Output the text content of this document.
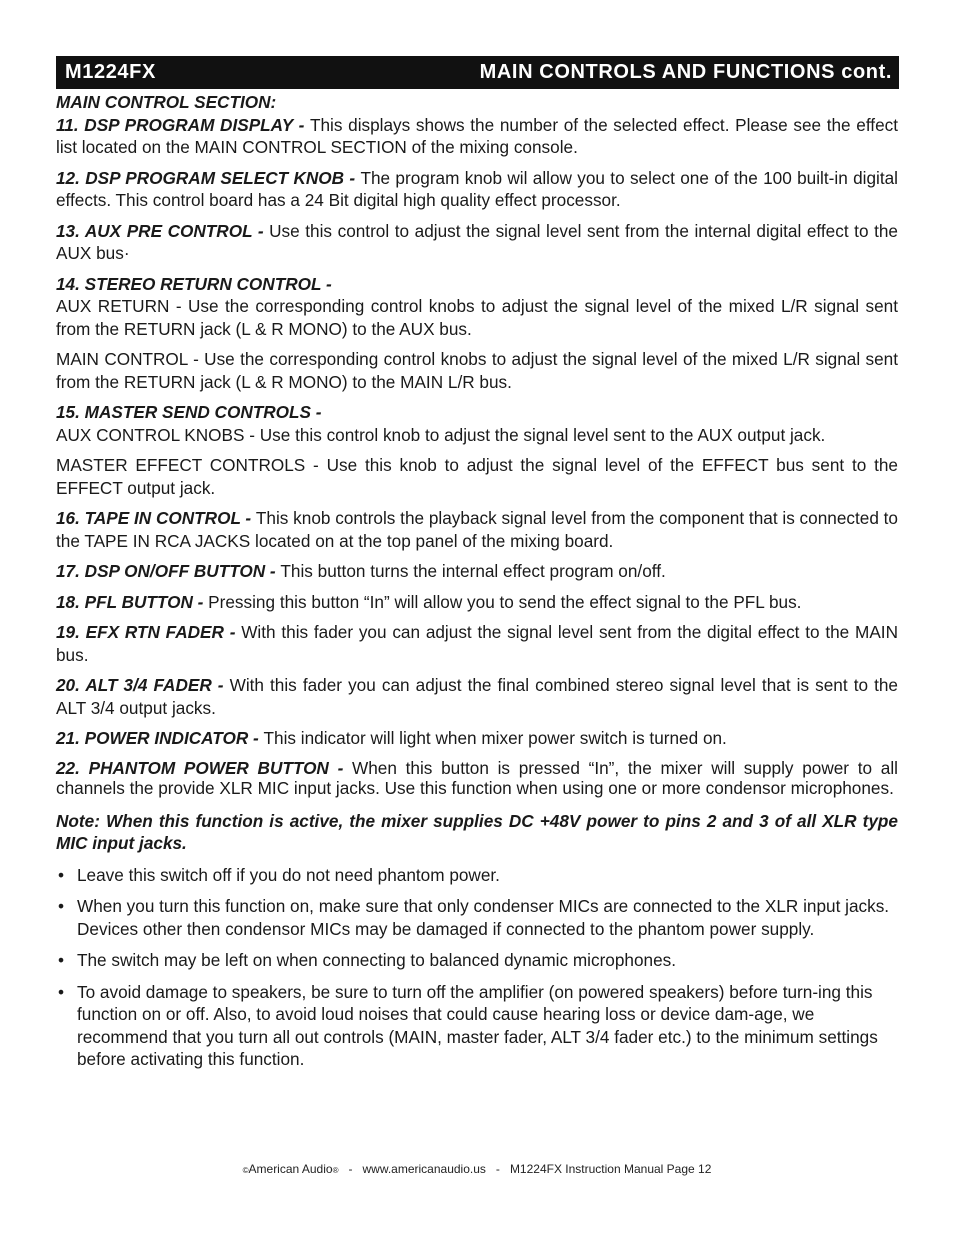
M1224FX	MAIN CONTROLS AND FUNCTIONS cont.

MAIN CONTROL SECTION:

11. DSP PROGRAM DISPLAY - This displays shows the number of the selected effect. Please see the effect list located on the MAIN CONTROL SECTION of the mixing console.

12. DSP PROGRAM SELECT KNOB - The program knob wil allow you to select one of the 100 built-in digital effects. This control board has a 24 Bit digital high quality effect processor.

13. AUX PRE CONTROL - Use this control to adjust the signal level sent from the internal digital effect to the AUX bus·

14. STEREO RETURN CONTROL -

AUX RETURN - Use the corresponding control knobs to adjust the signal level of the mixed L/R signal sent from the RETURN jack (L & R MONO) to the AUX bus.

MAIN CONTROL - Use the corresponding control knobs to adjust the signal level of the mixed L/R signal sent from the RETURN jack (L & R MONO) to the MAIN L/R bus.

15. MASTER SEND CONTROLS -

AUX CONTROL KNOBS - Use this control knob to adjust the signal level sent to the AUX output jack.

MASTER EFFECT CONTROLS - Use this knob to adjust the signal level of the EFFECT bus sent to the EFFECT output jack.

16. TAPE IN CONTROL - This knob controls the playback signal level from the component that is connected to the TAPE IN RCA JACKS located on at the top panel of the mixing board.

17. DSP ON/OFF BUTTON - This button turns the internal effect program on/off.

18. PFL BUTTON - Pressing this button “In” will allow you to send the effect signal to the PFL bus.

19. EFX RTN FADER - With this fader you can adjust the signal level sent from the digital effect to the MAIN bus.

20. ALT 3/4 FADER - With this fader you can adjust the final combined stereo signal level that is sent to the ALT 3/4 output jacks.

21. POWER INDICATOR - This indicator will light when mixer power switch is turned on.

22. PHANTOM POWER BUTTON - When this button is pressed “In”, the mixer will supply power to all channels the provide XLR MIC input jacks. Use this function when using one or more condensor microphones.

Note: When this function is active, the mixer supplies DC +48V power to pins 2 and 3 of all XLR type MIC input jacks.

• Leave this switch off if you do not need phantom power.
• When you turn this function on, make sure that only condenser MICs are connected to the XLR input jacks. Devices other then condensor MICs may be damaged if connected to the phantom power supply.
• The switch may be left on when connecting to balanced dynamic microphones.
• To avoid damage to speakers, be sure to turn off the amplifier (on powered speakers) before turn-ing this function on or off. Also, to avoid loud noises that could cause hearing loss or device dam-age, we recommend that you turn all out controls (MAIN, master fader, ALT 3/4 fader etc.) to the minimum settings before activating this function.
©American Audio® - www.americanaudio.us - M1224FX Instruction Manual Page 12
